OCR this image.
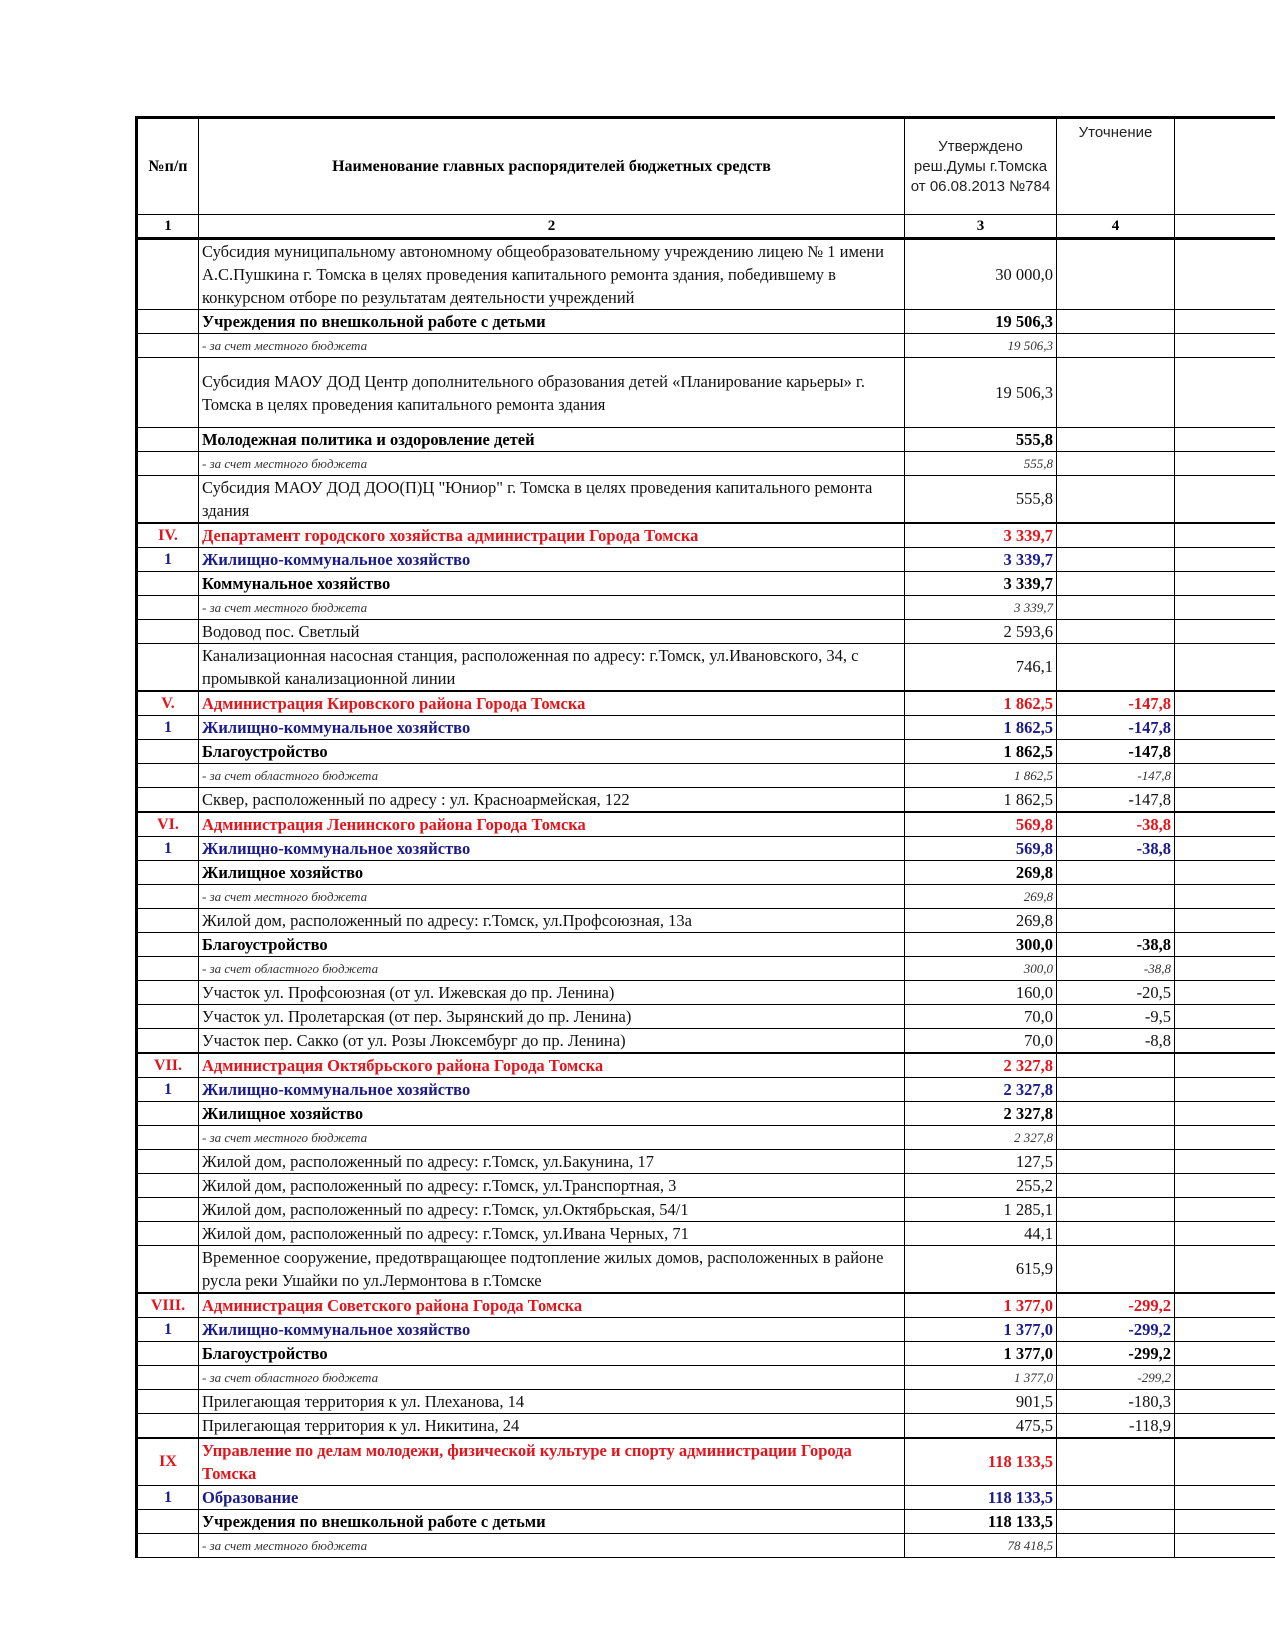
№п/п	Наименование главных распорядителей бюджетных средств	Утверждено реш.Думы г.Томска от 06.08.2013 №784	Уточнение	
1	2	3	4	
	Субсидия муниципальному автономному общеобразовательному учреждению лицею № 1 имени А.С.Пушкина г. Томска в целях проведения капитального ремонта здания, победившему в конкурсном отборе по результатам деятельности учреждений	30 000,0		
	Учреждения по внешкольной работе с детьми	19 506,3		
	- за счет местного бюджета	19 506,3		
	Субсидия МАОУ ДОД Центр дополнительного образования детей «Планирование карьеры» г. Томска в целях проведения капитального ремонта здания	19 506,3		
	Молодежная политика и оздоровление детей	555,8		
	- за счет местного бюджета	555,8		
	Субсидия МАОУ ДОД ДОО(П)Ц "Юниор" г. Томска в целях проведения капитального ремонта здания	555,8		
IV.	Департамент городского хозяйства администрации Города Томска	3 339,7		
1	Жилищно-коммунальное хозяйство	3 339,7		
	Коммунальное хозяйство	3 339,7		
	- за счет местного бюджета	3 339,7		
	Водовод пос. Светлый	2 593,6		
	Канализационная насосная станция, расположенная по адресу: г.Томск, ул.Ивановского, 34, с промывкой канализационной линии	746,1		
V.	Администрация Кировского района Города Томска	1 862,5	-147,8	
1	Жилищно-коммунальное хозяйство	1 862,5	-147,8	
	Благоустройство	1 862,5	-147,8	
	- за счет областного бюджета	1 862,5	-147,8	
	Сквер, расположенный по адресу : ул. Красноармейская, 122	1 862,5	-147,8	
VI.	Администрация Ленинского района Города Томска	569,8	-38,8	
1	Жилищно-коммунальное хозяйство	569,8	-38,8	
	Жилищное хозяйство	269,8		
	- за счет местного бюджета	269,8		
	Жилой дом, расположенный по адресу: г.Томск, ул.Профсоюзная, 13а	269,8		
	Благоустройство	300,0	-38,8	
	- за счет областного бюджета	300,0	-38,8	
	Участок ул. Профсоюзная (от ул. Ижевская до пр. Ленина)	160,0	-20,5	
	Участок ул. Пролетарская (от пер. Зырянский до пр. Ленина)	70,0	-9,5	
	Участок пер. Сакко (от ул. Розы Люксембург до пр. Ленина)	70,0	-8,8	
VII.	Администрация Октябрьского района Города Томска	2 327,8		
1	Жилищно-коммунальное хозяйство	2 327,8		
	Жилищное хозяйство	2 327,8		
	- за счет местного бюджета	2 327,8		
	Жилой дом, расположенный по адресу: г.Томск, ул.Бакунина, 17	127,5		
	Жилой дом, расположенный по адресу: г.Томск, ул.Транспортная, 3	255,2		
	Жилой дом, расположенный по адресу: г.Томск, ул.Октябрьская, 54/1	1 285,1		
	Жилой дом, расположенный по адресу: г.Томск, ул.Ивана Черных, 71	44,1		
	Временное сооружение, предотвращающее подтопление жилых домов, расположенных в районе русла реки Ушайки по ул.Лермонтова в г.Томске	615,9		
VIII.	Администрация Советского района Города Томска	1 377,0	-299,2	
1	Жилищно-коммунальное хозяйство	1 377,0	-299,2	
	Благоустройство	1 377,0	-299,2	
	- за счет областного бюджета	1 377,0	-299,2	
	Прилегающая территория к ул. Плеханова, 14	901,5	-180,3	
	Прилегающая территория к ул. Никитина, 24	475,5	-118,9	
IX	Управление по делам молодежи, физической культуре и спорту администрации Города Томска	118 133,5		
1	Образование	118 133,5		
	Учреждения по внешкольной работе с детьми	118 133,5		
	- за счет местного бюджета	78 418,5		
